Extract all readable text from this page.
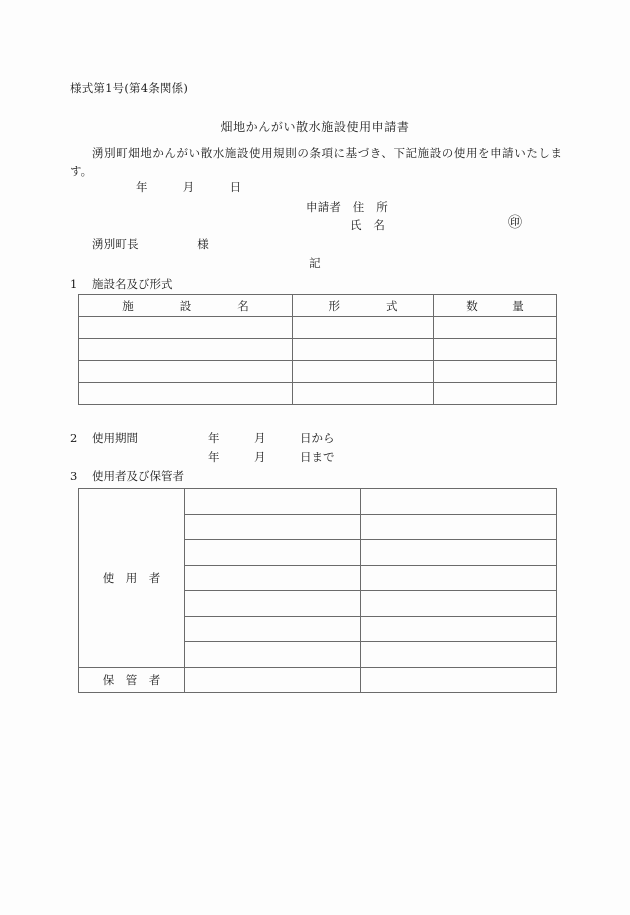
様式第1号(第4条関係)
畑地かんがい散水施設使用申請書
湧別町畑地かんがい散水施設使用規則の条項に基づき、下記施設の使用を申請いたします。
年　　　月　　　日
申請者　住　所
氏　名	㊞
湧別町長　　　　　様
記
1 施設名及び形式
施　　　　設　　　　名	形　　　　式	数　　　量

2 使用期間	年　　　月　　　日から
年　　　月　　　日まで
3 使用者及び保管者
使　用　者		

保　管　者		
